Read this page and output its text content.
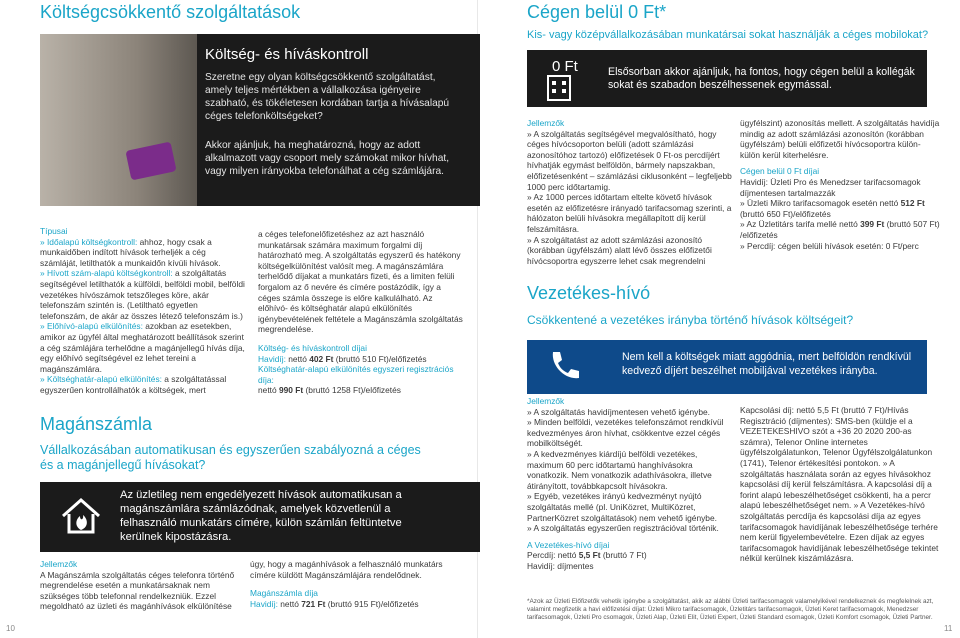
Költségcsökkentő szolgáltatások
Költség- és híváskontroll

Szeretne egy olyan költségcsökkentő szolgáltatást, amely teljes mértékben a vállalkozása igényeire szabható, és tökéletesen kordában tartja a hívásalapú céges telefonköltségeket?

Akkor ajánljuk, ha meghatározná, hogy az adott alkalmazott vagy csoport mely számokat mikor hívhat, vagy milyen irányokba telefonálhat a cég számlájára.

Típusai

» Időalapú költségkontroll: ahhoz, hogy csak a munkaidőben indított hívások terheljék a cég számláját, letilthatók a munkaidőn kívüli hívások.

» Hívott szám-alapú költségkontroll: a szolgáltatás segítségével letilthatók a külföldi, belföldi mobil, belföldi vezetékes hívószámok tetszőleges köre, akár telefonszám szintén is. (Letiltható egyetlen telefonszám, de akár az összes létező telefonszám is.)

» Előhívó-alapú elkülönítés: azokban az esetekben, amikor az ügyfél által meghatározott beállítások szerint a cég számlájára terhelődne a magánjellegű hívás díja, egy előhívó segítségével ez lehet tereini a magánszámlára.

» Költséghatár-alapú elkülönítés: a szolgáltatással egyszerűen kontrollálhatók a költségek, mert

a céges telefonelőfizetéshez az azt használó munkatársak számára maximum forgalmi díj határozható meg. A szolgáltatás egyszerű és hatékony költségelkülönítést valósít meg. A magánszámlára terhelődő díjakat a munkatárs fizeti, és a limiten felüli forgalom az ő nevére és címére postázódik, így a céges számla összege is előre kalkulálható. Az előhívó- és költséghatár alapú elkülönítés igénybevételének feltétele a Magánszámla szolgáltatás megrendelése.

Költség- és híváskontroll díjai

Havidíj: nettó 402 Ft (bruttó 510 Ft)/előfizetés

Költséghatár-alapú elkülönítés egyszeri regisztrációs díja:

nettó 990 Ft (bruttó 1258 Ft)/előfizetés

Magánszámla

Vállalkozásában automatikusan és egyszerűen szabályozná a céges és a magánjellegű hívásokat?

Az üzletileg nem engedélyezett hívások automatikusan a magánszámlára számlázódnak, amelyek közvetlenül a felhasználó munkatárs címére, külön számlán feltüntetve kerülnek kipostázásra.

Jellemzők

A Magánszámla szolgáltatás céges telefonra történő megrendelése esetén a munkatársaknak nem szükséges több telefonnal rendelkezniük. Ezzel megoldható az üzleti és magánhívások elkülönítése

úgy, hogy a magánhívások a felhasználó munkatárs címére küldött Magánszámlájára rendelődnek.

Magánszámla díja

Havidíj: nettó 721 Ft (bruttó 915 Ft)/előfizetés

10
Cégen belül 0 Ft*

Kis- vagy középvállalkozásában munkatársai sokat használják a céges mobilokat?

0 Ft	Elsősorban akkor ajánljuk, ha fontos, hogy cégen belül a kollégák sokat és szabadon beszélhessenek egymással.

Jellemzők

» A szolgáltatás segítségével megvalósítható, hogy céges hívócsoporton belüli (adott számlázási azonosítóhoz tartozó) előfizetések 0 Ft-os percdíjért hívhatják egymást belföldön, bármely napszakban, előfizetésenként – számlázási ciklusonként – legfeljebb 1000 perc időtartamig.

» Az 1000 perces időtartam eltelte követő hívások esetén az előfizetésre irányadó tarifacsomag szerinti, a hálózaton belüli hívásokra megállapított díj kerül felszámításra.

» A szolgáltatást az adott számlázási azonosító (korábban ügyfélszám) alatt lévő összes előfizetői hívócsoportra egyszerre lehet csak megrendelni

ügyfélszint) azonosítás mellett. A szolgáltatás havidíja mindig az adott számlázási azonosítón (korábban ügyfélszám) belüli előfizetői hívócsoportra külön-külön kerül kiterhelésre.

Cégen belül 0 Ft díjai

Havidíj: Üzleti Pro és Menedzser tarifacsomagok díjmentesen tartalmazzák

» Üzleti Mikro tarifacsomagok esetén nettó 512 Ft (bruttó 650 Ft)/előfizetés

» Az Üzletitárs tarifa mellé nettó 399 Ft (bruttó 507 Ft) /előfizetés

» Percdíj: cégen belüli hívások esetén: 0 Ft/perc

Vezetékes-hívó

Csökkentené a vezetékes irányba történő hívások költségeit?

Nem kell a költségek miatt aggódnia, mert belföldön rendkívül kedvező díjért beszélhet mobiljával vezetékes irányba.

Jellemzők

» A szolgáltatás havidíjmentesen vehető igénybe.

» Minden belföldi, vezetékes telefonszámot rendkívül kedvezményes áron hívhat, csökkentve ezzel cégés mobilköltségét.

» A kedvezményes kiárdíjú belföldi vezetékes, maximum 60 perc időtartamú hanghívásokra vonatkozik. Nem vonatkozik adathívásokra, illetve átirányított, továbbkapcsolt hívásokra.

» Egyéb, vezetékes irányú kedvezményt nyújtó szolgáltatás mellé (pl. UniKözret, MultiKözret, PartnerKözret szolgáltatások) nem vehető igénybe.

» A szolgáltatás egyszerűen regisztrációval történik.

A Vezetékes-hívó díjai

Percdíj: nettó 5,5 Ft (bruttó 7 Ft)

Havidíj: díjmentes

Kapcsolási díj: nettó 5,5 Ft (bruttó 7 Ft)/Hívás Regisztráció (díjmentes): SMS-ben (küldje el a VEZETEKESHIVO szót a +36 20 2020 200-as számra), Telenor Online internetes ügyfélszolgálatunkon, Telenor Ügyfélszolgálatunkon (1741), Telenor értékesítési pontokon. » A szolgáltatás használata során az egyes hívásokhoz kapcsolási díj kerül felszámításra. A kapcsolási díj a forint alapú lebeszélhetőséget csökkenti, ha a percr alapú lebeszélhetőséget nem. » A Vezetékes-hívó szolgáltatás percdíja és kapcsolási díja az egyes tarifacsomagok havidíjának lebeszélhetősége terhére nem kerül figyelembevételre. Ezen díjak az egyes tarifacsomagok havidíjának lebeszélhetősége tekintet nélkül kerülnek kiszámlázásra.

*Azok az Üzleti Előfizetők vehetik igénybe a szolgáltatást, akik az alábbi Üzleti tarifacsomagok valamelyikével rendelkeznek és megfelelnek azt, valamint megfizetik a havi előfizetési díjat: Üzleti Mikro tarifacsomagok, Üzletitárs tarifacsomagok, Üzleti Keret tarifacsomagok, Menedzser tarifacsomagok, Üzleti Pro csomagok, Üzleti Alap, Üzleti Elit, Üzleti Expert, Üzleti Standard csomagok, Üzleti Komfort csomagok, Üzleti Partner.

11
